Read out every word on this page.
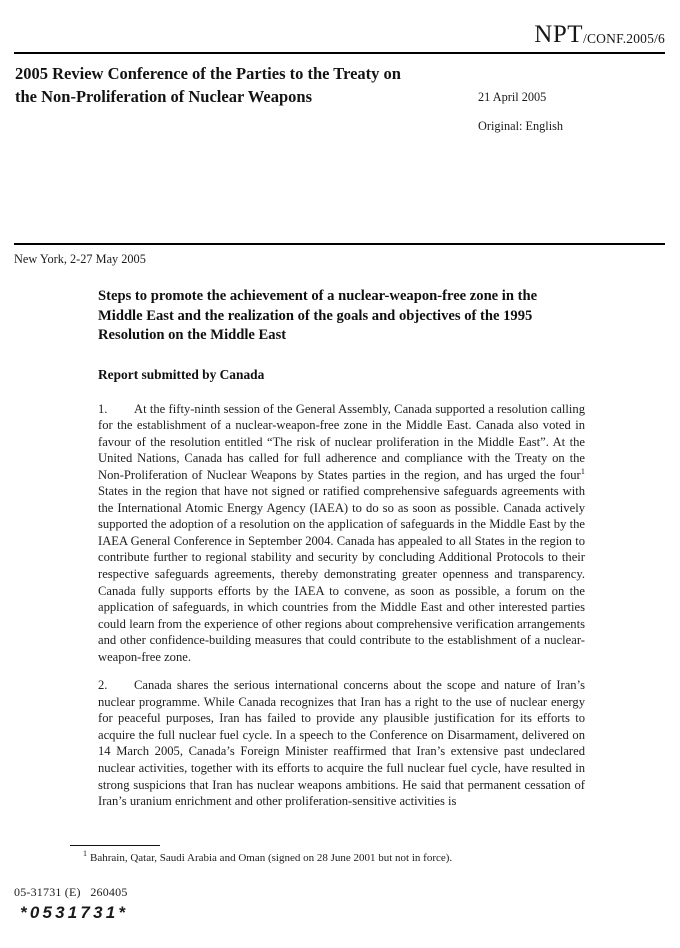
NPT/CONF.2005/6
2005 Review Conference of the Parties to the Treaty on the Non-Proliferation of Nuclear Weapons	21 April 2005

Original: English

New York, 2-27 May 2005
Steps to promote the achievement of a nuclear-weapon-free zone in the Middle East and the realization of the goals and objectives of the 1995 Resolution on the Middle East
Report submitted by Canada

1. At the fifty-ninth session of the General Assembly, Canada supported a resolution calling for the establishment of a nuclear-weapon-free zone in the Middle East. Canada also voted in favour of the resolution entitled “The risk of nuclear proliferation in the Middle East”. At the United Nations, Canada has called for full adherence and compliance with the Treaty on the Non-Proliferation of Nuclear Weapons by States parties in the region, and has urged the four$^1$ States in the region that have not signed or ratified comprehensive safeguards agreements with the International Atomic Energy Agency (IAEA) to do so as soon as possible. Canada actively supported the adoption of a resolution on the application of safeguards in the Middle East by the IAEA General Conference in September 2004. Canada has appealed to all States in the region to contribute further to regional stability and security by concluding Additional Protocols to their respective safeguards agreements, thereby demonstrating greater openness and transparency. Canada fully supports efforts by the IAEA to convene, as soon as possible, a forum on the application of safeguards, in which countries from the Middle East and other interested parties could learn from the experience of other regions about comprehensive verification arrangements and other confidence-building measures that could contribute to the establishment of a nuclear-weapon-free zone.

2. Canada shares the serious international concerns about the scope and nature of Iran’s nuclear programme. While Canada recognizes that Iran has a right to the use of nuclear energy for peaceful purposes, Iran has failed to provide any plausible justification for its efforts to acquire the full nuclear fuel cycle. In a speech to the Conference on Disarmament, delivered on 14 March 2005, Canada’s Foreign Minister reaffirmed that Iran’s extensive past undeclared nuclear activities, together with its efforts to acquire the full nuclear fuel cycle, have resulted in strong suspicions that Iran has nuclear weapons ambitions. He said that permanent cessation of Iran’s uranium enrichment and other proliferation-sensitive activities is

$^1$ Bahrain, Qatar, Saudi Arabia and Oman (signed on 28 June 2001 but not in force).
05-31731 (E)   260405
*0531731*
